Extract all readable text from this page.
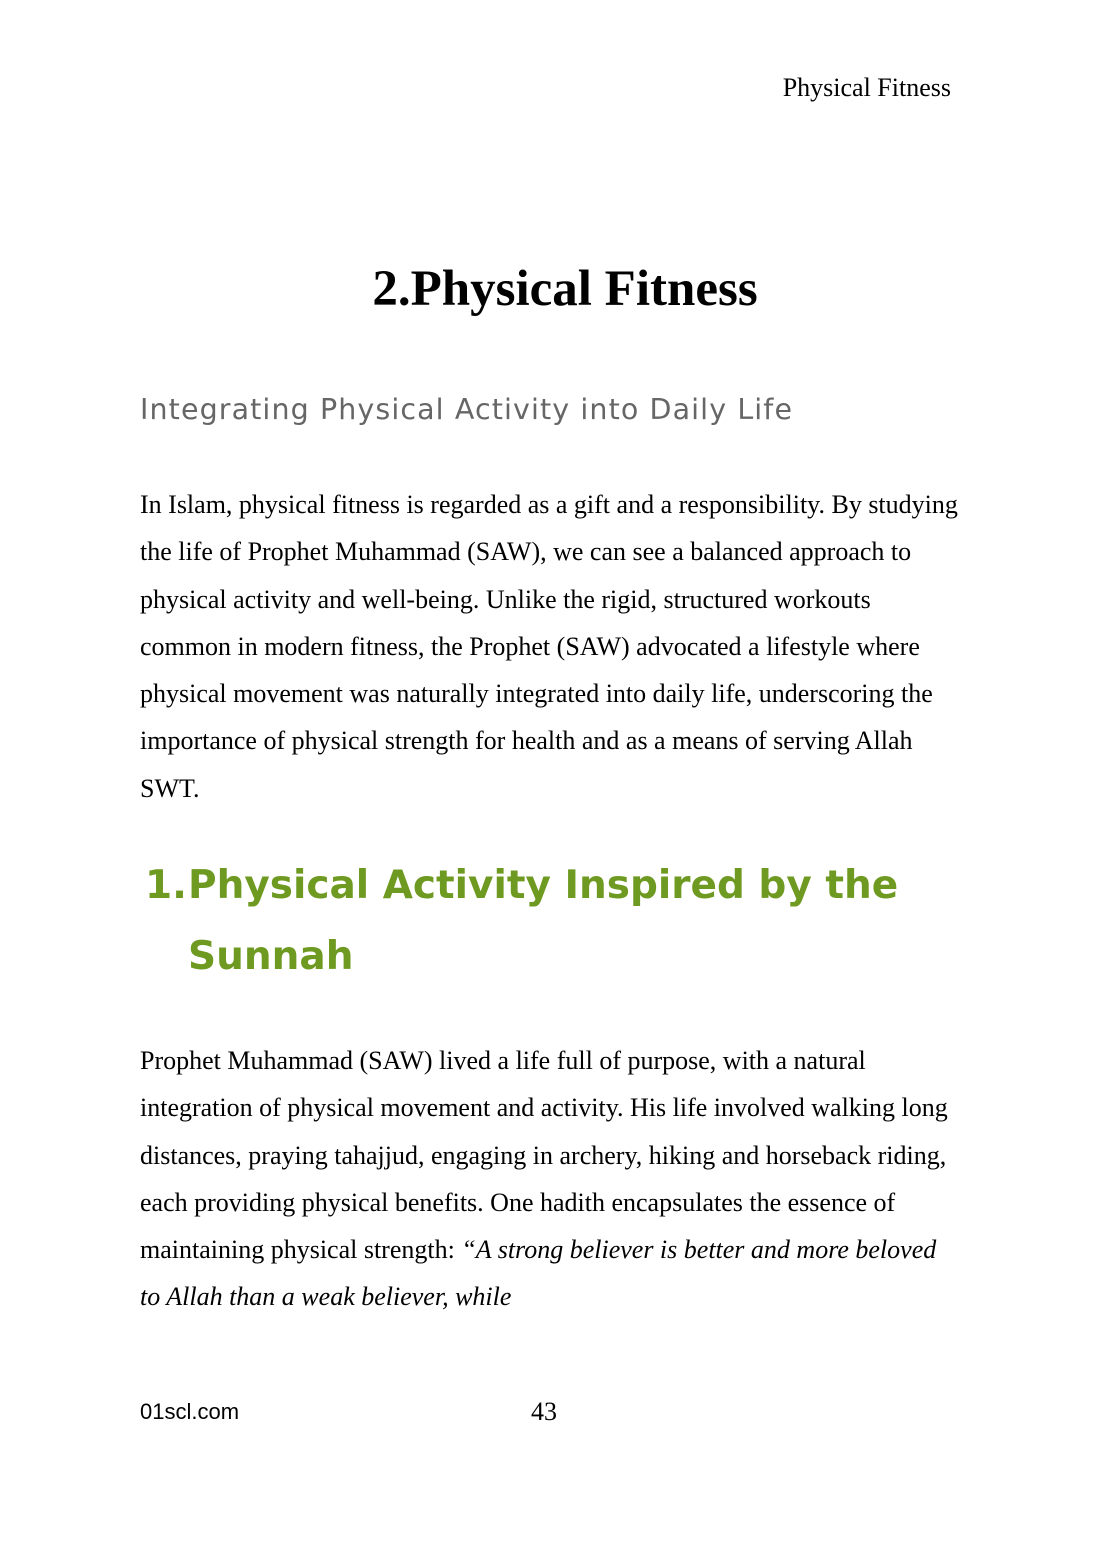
Physical Fitness
2.Physical Fitness
Integrating Physical Activity into Daily Life

In Islam, physical fitness is regarded as a gift and a responsibility. By studying the life of Prophet Muhammad (SAW), we can see a balanced approach to physical activity and well-being. Unlike the rigid, structured workouts common in modern fitness, the Prophet (SAW) advocated a lifestyle where physical movement was naturally integrated into daily life, underscoring the importance of physical strength for health and as a means of serving Allah SWT.

1. Physical Activity Inspired by the Sunnah

Prophet Muhammad (SAW) lived a life full of purpose, with a natural integration of physical movement and activity. His life involved walking long distances, praying tahajjud, engaging in archery, hiking and horseback riding, each providing physical benefits. One hadith encapsulates the essence of maintaining physical strength: “A strong believer is better and more beloved to Allah than a weak believer, while

01scl.com	43
